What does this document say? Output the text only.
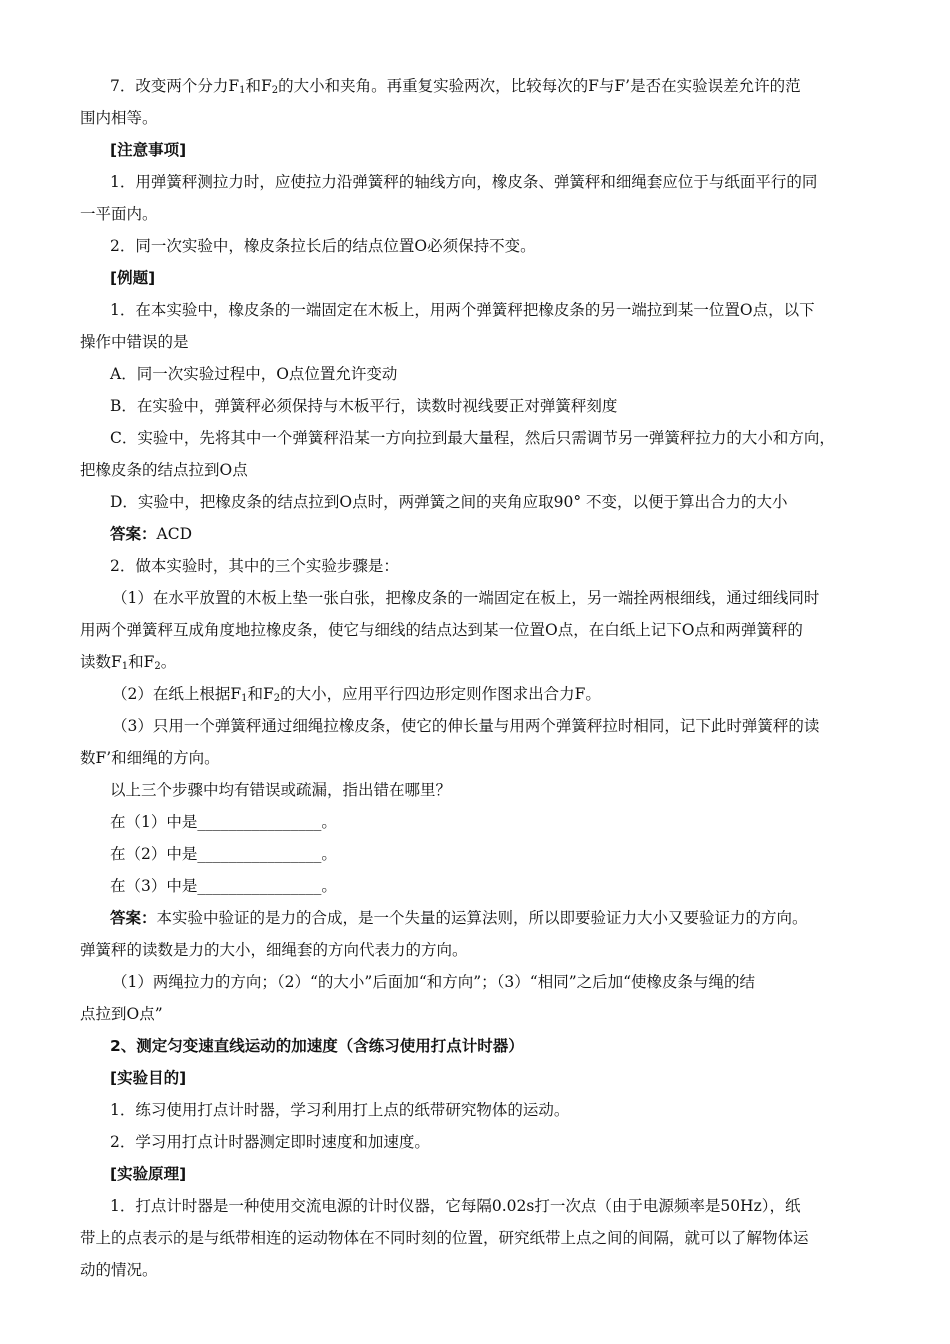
7．改变两个分力$F_1$和$F_2$的大小和夹角。再重复实验两次，比较每次的F与F’是否在实验误差允许的范
围内相等。
[注意事项]
1．用弹簧秤测拉力时，应使拉力沿弹簧秤的轴线方向，橡皮条、弹簧秤和细绳套应位于与纸面平行的同
一平面内。
2．同一次实验中，橡皮条拉长后的结点位置O必须保持不变。
[例题]
1．在本实验中，橡皮条的一端固定在木板上，用两个弹簧秤把橡皮条的另一端拉到某一位置O点，以下
操作中错误的是
A．同一次实验过程中，O点位置允许变动
B．在实验中，弹簧秤必须保持与木板平行，读数时视线要正对弹簧秤刻度
C．实验中，先将其中一个弹簧秤沿某一方向拉到最大量程，然后只需调节另一弹簧秤拉力的大小和方向，
把橡皮条的结点拉到O点
D．实验中，把橡皮条的结点拉到O点时，两弹簧之间的夹角应取90° 不变，以便于算出合力的大小
答案：ACD
2．做本实验时，其中的三个实验步骤是：
（1）在水平放置的木板上垫一张白张，把橡皮条的一端固定在板上，另一端拴两根细线，通过细线同时
用两个弹簧秤互成角度地拉橡皮条，使它与细线的结点达到某一位置O点，在白纸上记下O点和两弹簧秤的
读数$F_1$和$F_2$。
（2）在纸上根据$F_1$和$F_2$的大小，应用平行四边形定则作图求出合力F。
（3）只用一个弹簧秤通过细绳拉橡皮条，使它的伸长量与用两个弹簧秤拉时相同，记下此时弹簧秤的读
数F’和细绳的方向。
以上三个步骤中均有错误或疏漏，指出错在哪里？
在（1）中是________________。
在（2）中是________________。
在（3）中是________________。
答案：本实验中验证的是力的合成，是一个失量的运算法则，所以即要验证力大小又要验证力的方向。
弹簧秤的读数是力的大小，细绳套的方向代表力的方向。
（1）两绳拉力的方向；（2）“的大小”后面加“和方向”；（3）“相同”之后加“使橡皮条与绳的结
点拉到O点”
2、测定匀变速直线运动的加速度（含练习使用打点计时器）
[实验目的]
1．练习使用打点计时器，学习利用打上点的纸带研究物体的运动。
2．学习用打点计时器测定即时速度和加速度。
[实验原理]
1．打点计时器是一种使用交流电源的计时仪器，它每隔0.02s打一次点（由于电源频率是50Hz），纸
带上的点表示的是与纸带相连的运动物体在不同时刻的位置，研究纸带上点之间的间隔，就可以了解物体运
动的情况。
